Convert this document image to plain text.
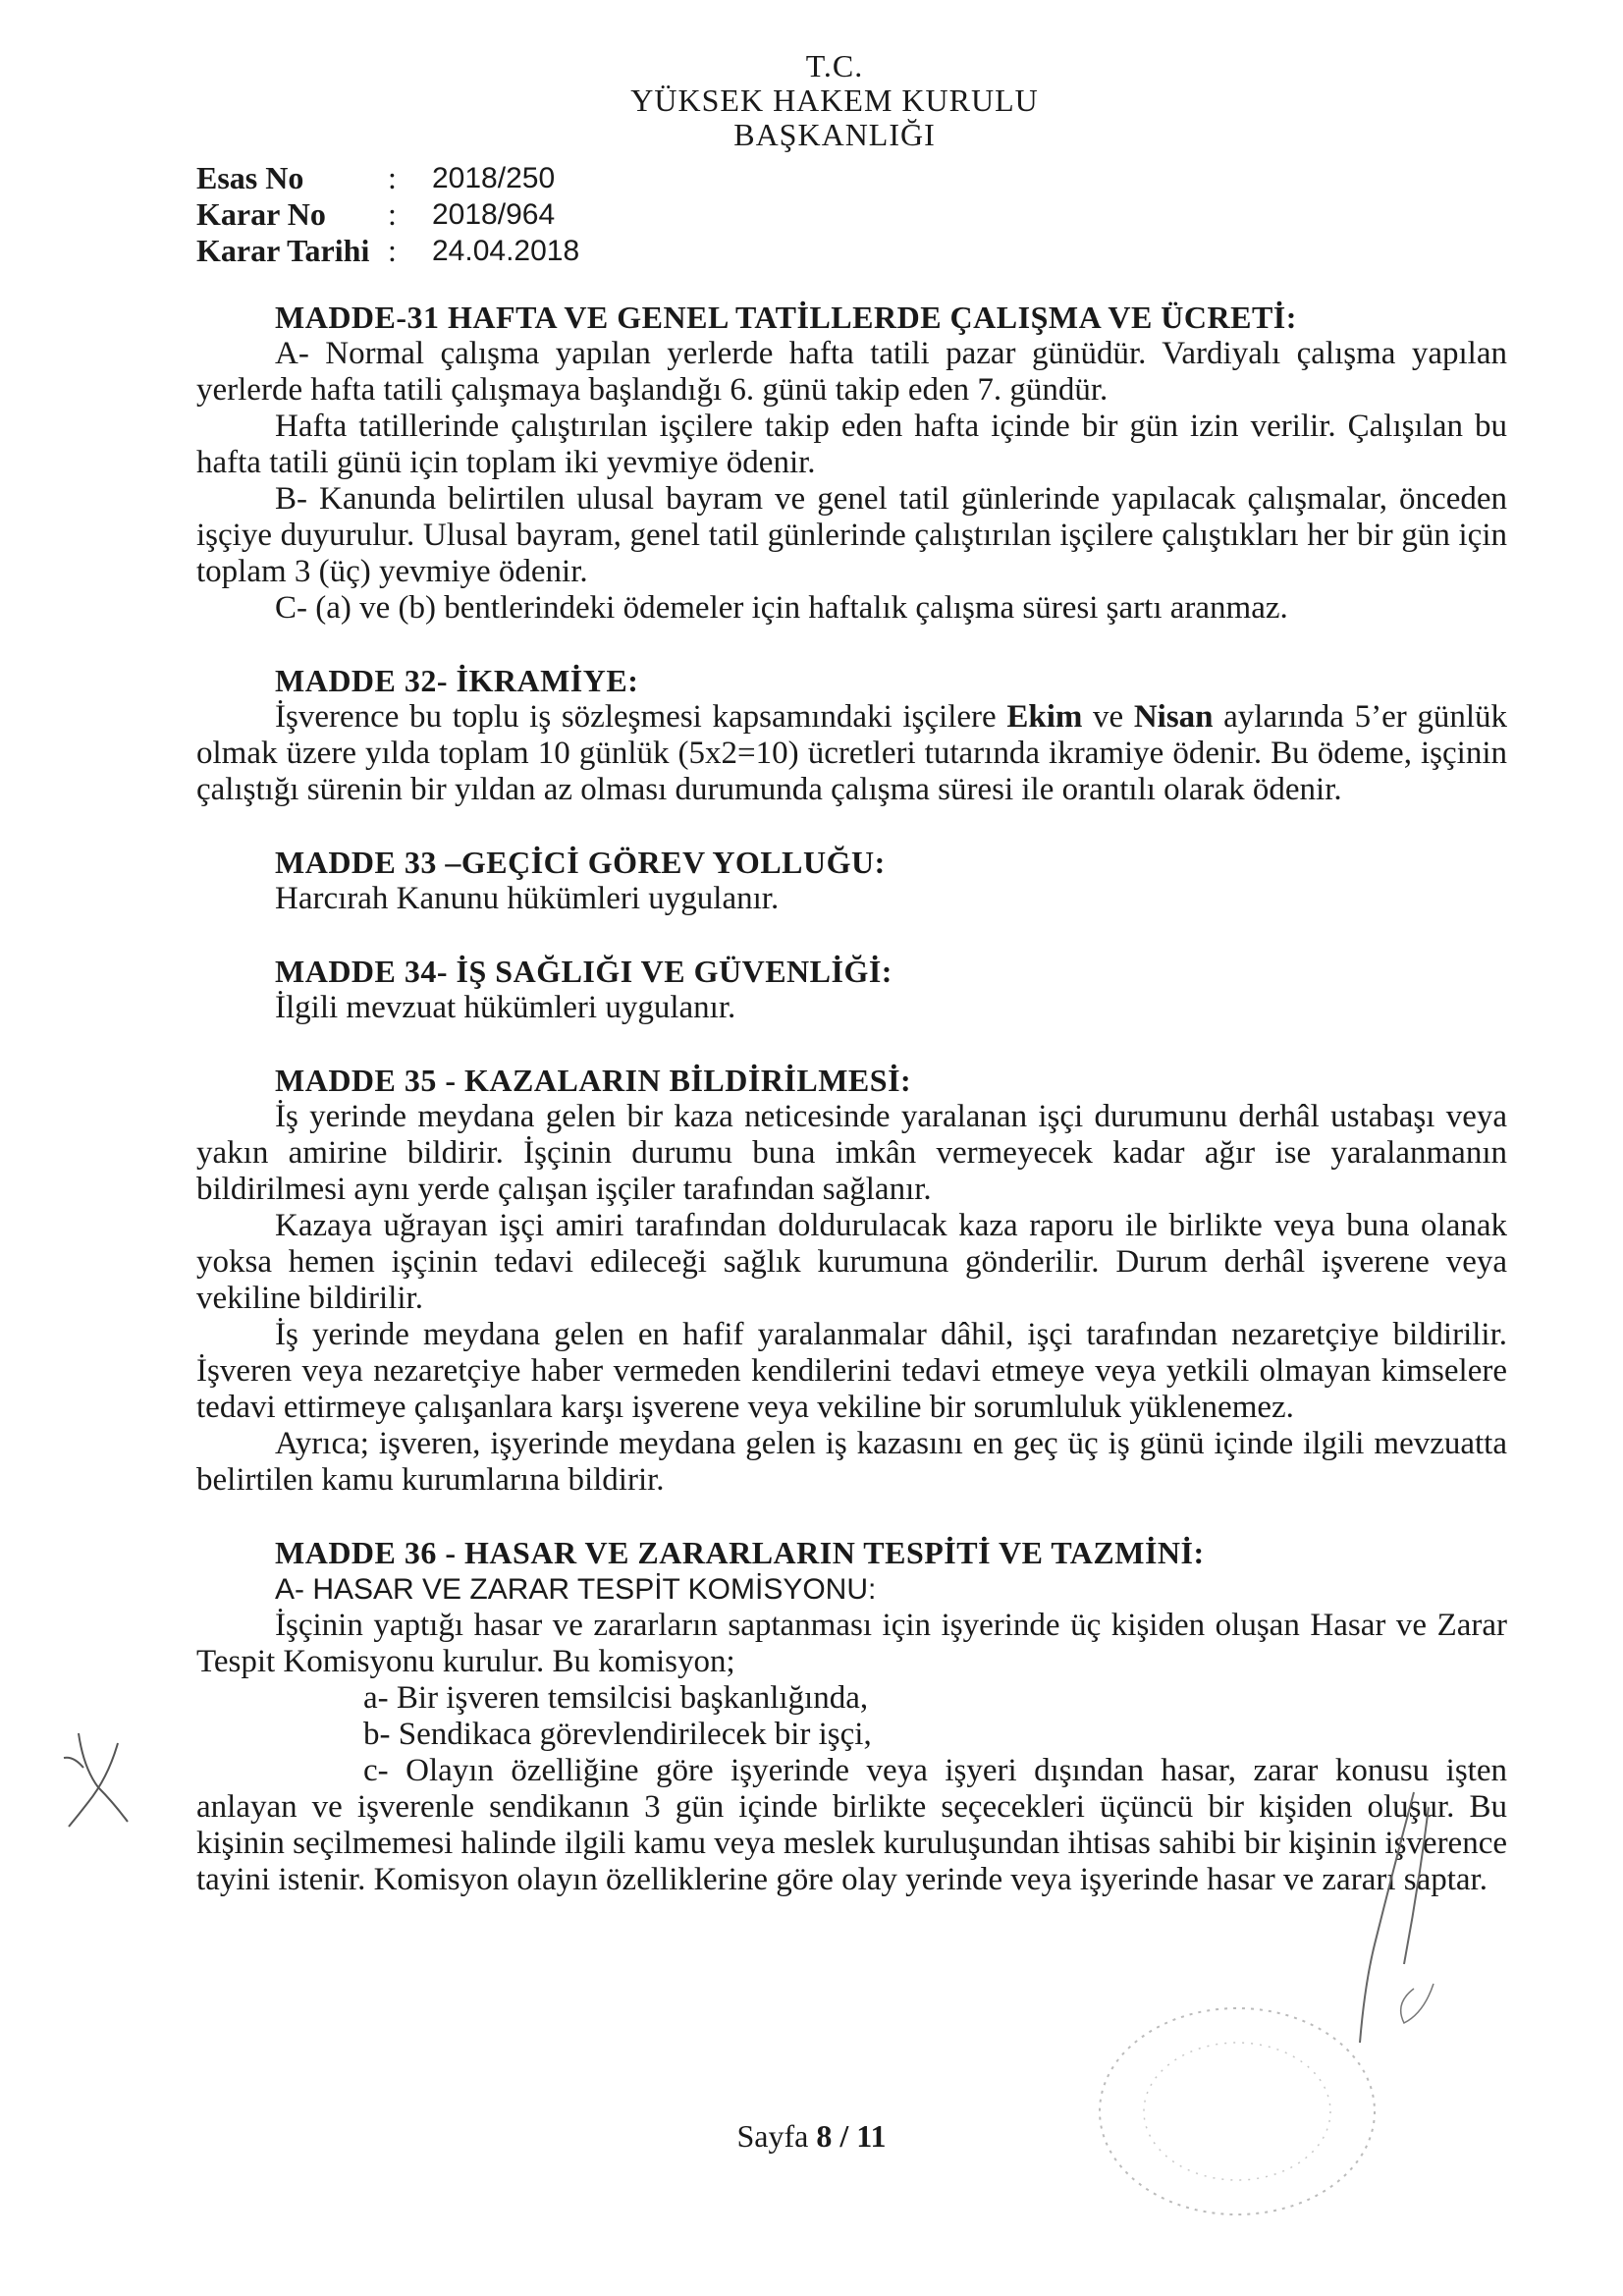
T.C.
YÜKSEK HAKEM KURULU
BAŞKANLIĞI
Esas No	:	2018/250
Karar No	:	2018/964
Karar Tarihi :	24.04.2018
MADDE-31 HAFTA VE GENEL TATİLLERDE ÇALIŞMA VE ÜCRETİ:

A- Normal çalışma yapılan yerlerde hafta tatili pazar günüdür. Vardiyalı çalışma yapılan yerlerde hafta tatili çalışmaya başlandığı 6. günü takip eden 7. gündür.

Hafta tatillerinde çalıştırılan işçilere takip eden hafta içinde bir gün izin verilir. Çalışılan bu hafta tatili günü için toplam iki yevmiye ödenir.

B- Kanunda belirtilen ulusal bayram ve genel tatil günlerinde yapılacak çalışmalar, önceden işçiye duyurulur. Ulusal bayram, genel tatil günlerinde çalıştırılan işçilere çalıştıkları her bir gün için toplam 3 (üç) yevmiye ödenir.

C- (a) ve (b) bentlerindeki ödemeler için haftalık çalışma süresi şartı aranmaz.

MADDE 32- İKRAMİYE:

İşverence bu toplu iş sözleşmesi kapsamındaki işçilere Ekim ve Nisan aylarında 5’er günlük olmak üzere yılda toplam 10 günlük (5x2=10) ücretleri tutarında ikramiye ödenir. Bu ödeme, işçinin çalıştığı sürenin bir yıldan az olması durumunda çalışma süresi ile orantılı olarak ödenir.

MADDE 33 –GEÇİCİ GÖREV YOLLUĞU:

Harcırah Kanunu hükümleri uygulanır.

MADDE 34- İŞ SAĞLIĞI VE GÜVENLİĞİ:

İlgili mevzuat hükümleri uygulanır.

MADDE 35 - KAZALARIN BİLDİRİLMESİ:

İş yerinde meydana gelen bir kaza neticesinde yaralanan işçi durumunu derhâl ustabaşı veya yakın amirine bildirir. İşçinin durumu buna imkân vermeyecek kadar ağır ise yaralanmanın bildirilmesi aynı yerde çalışan işçiler tarafından sağlanır.

Kazaya uğrayan işçi amiri tarafından doldurulacak kaza raporu ile birlikte veya buna olanak yoksa hemen işçinin tedavi edileceği sağlık kurumuna gönderilir. Durum derhâl işverene veya vekiline bildirilir.

İş yerinde meydana gelen en hafif yaralanmalar dâhil, işçi tarafından nezaretçiye bildirilir. İşveren veya nezaretçiye haber vermeden kendilerini tedavi etmeye veya yetkili olmayan kimselere tedavi ettirmeye çalışanlara karşı işverene veya vekiline bir sorumluluk yüklenemez.

Ayrıca; işveren, işyerinde meydana gelen iş kazasını en geç üç iş günü içinde ilgili mevzuatta belirtilen kamu kurumlarına bildirir.

MADDE 36 - HASAR VE ZARARLARIN TESPİTİ VE TAZMİNİ:
A- HASAR VE ZARAR TESPİT KOMİSYONU:

İşçinin yaptığı hasar ve zararların saptanması için işyerinde üç kişiden oluşan Hasar ve Zarar Tespit Komisyonu kurulur. Bu komisyon;

a- Bir işveren temsilcisi başkanlığında,

b- Sendikaca görevlendirilecek bir işçi,

c- Olayın özelliğine göre işyerinde veya işyeri dışından hasar, zarar konusu işten anlayan ve işverenle sendikanın 3 gün içinde birlikte seçecekleri üçüncü bir kişiden oluşur. Bu kişinin seçilmemesi halinde ilgili kamu veya meslek kuruluşundan ihtisas sahibi bir kişinin işverence tayini istenir. Komisyon olayın özelliklerine göre olay yerinde veya işyerinde hasar ve zararı saptar.

Sayfa 8 / 11
